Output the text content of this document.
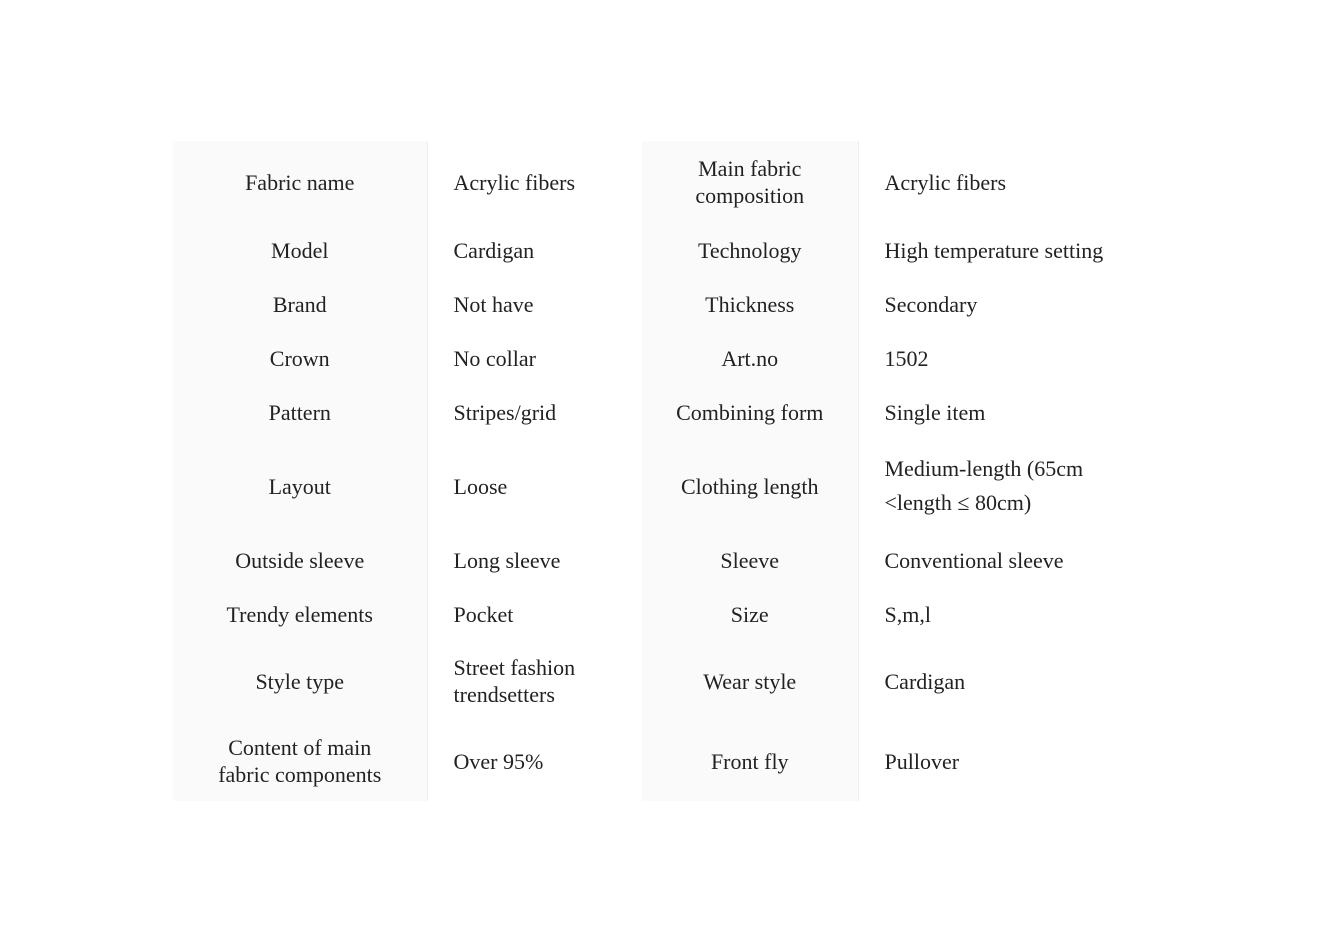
Fabric name	Acrylic fibers	Main fabric composition	Acrylic fibers
Model	Cardigan	Technology	High temperature setting
Brand	Not have	Thickness	Secondary
Crown	No collar	Art.no	1502
Pattern	Stripes/grid	Combining form	Single item
Layout	Loose	Clothing length	Medium-length (65cm <length ≤ 80cm)
Outside sleeve	Long sleeve	Sleeve	Conventional sleeve
Trendy elements	Pocket	Size	S,m,l
Style type	Street fashion trendsetters	Wear style	Cardigan
Content of main fabric components	Over 95%	Front fly	Pullover
